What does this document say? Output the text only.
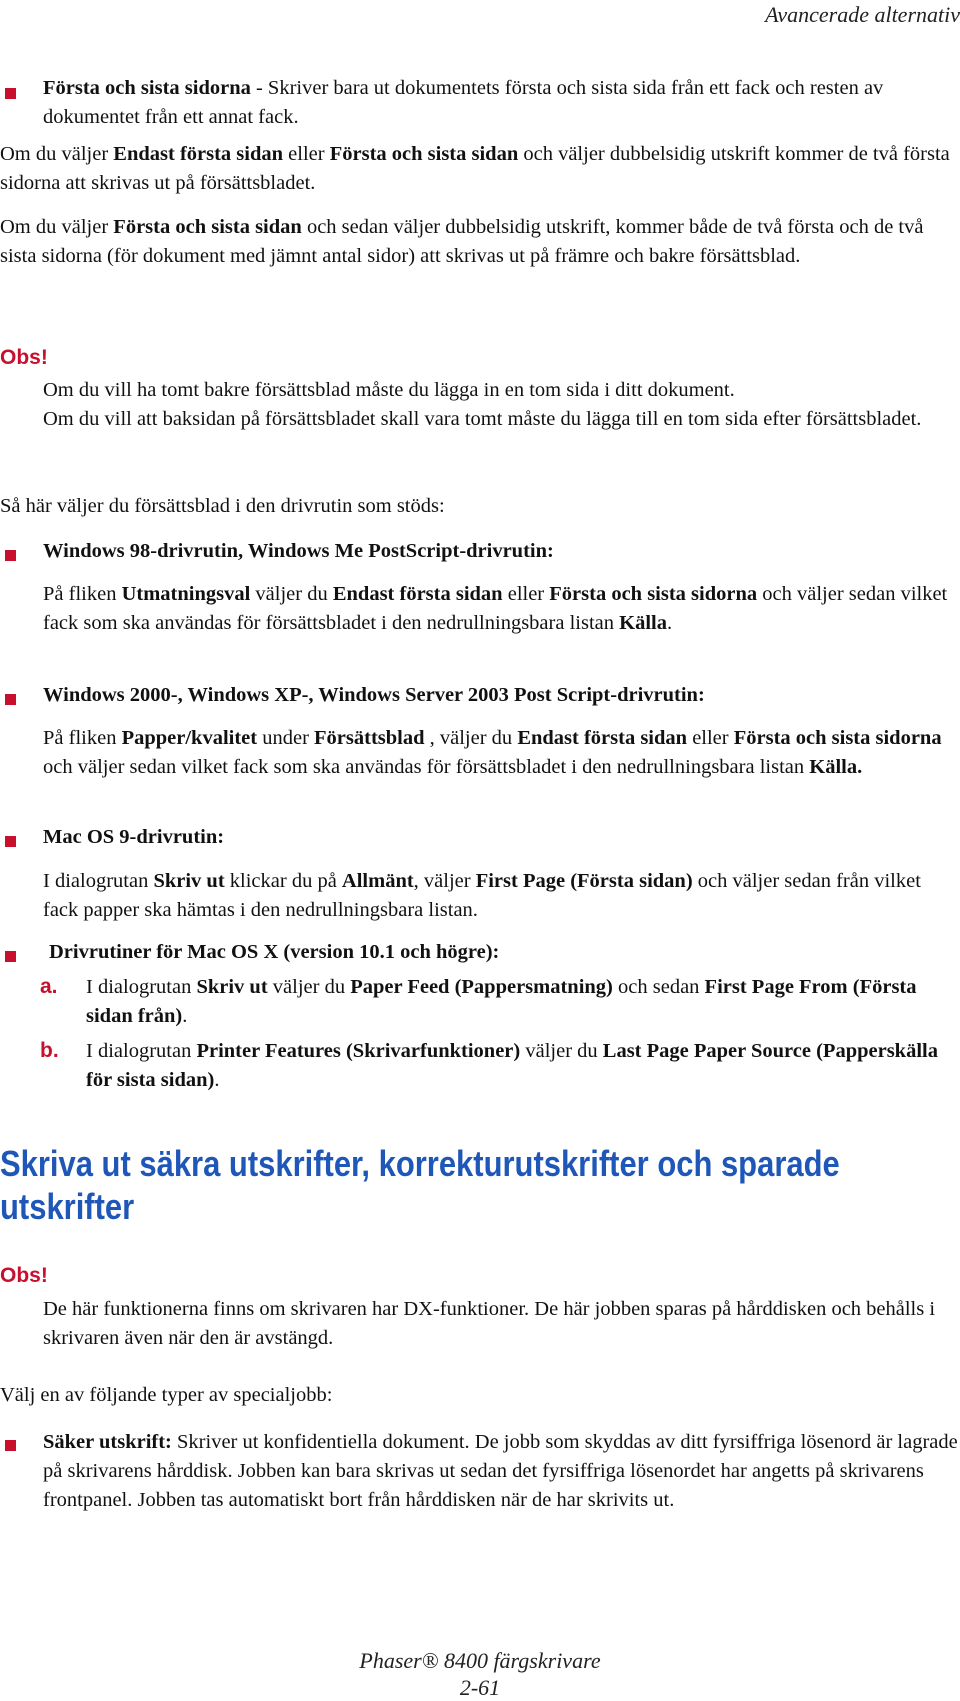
Avancerade alternativ
Första och sista sidorna - Skriver bara ut dokumentets första och sista sida från ett fack och resten av dokumentet från ett annat fack.
Om du väljer Endast första sidan eller Första och sista sidan och väljer dubbelsidig utskrift kommer de två första sidorna att skrivas ut på försättsbladet.
Om du väljer Första och sista sidan och sedan väljer dubbelsidig utskrift, kommer både de två första och de två sista sidorna (för dokument med jämnt antal sidor) att skrivas ut på främre och bakre försättsblad.
Obs!
Om du vill ha tomt bakre försättsblad måste du lägga in en tom sida i ditt dokument.
Om du vill att baksidan på försättsbladet skall vara tomt måste du lägga till en tom sida efter försättsbladet.
Så här väljer du försättsblad i den drivrutin som stöds:
Windows 98-drivrutin, Windows Me PostScript-drivrutin:
På fliken Utmatningsval väljer du Endast första sidan eller Första och sista sidorna och väljer sedan vilket fack som ska användas för försättsbladet i den nedrullningsbara listan Källa.
Windows 2000-, Windows XP-, Windows Server 2003 Post Script-drivrutin:
På fliken Papper/kvalitet under Försättsblad , väljer du Endast första sidan eller Första och sista sidorna och väljer sedan vilket fack som ska användas för försättsbladet i den nedrullningsbara listan Källa.
Mac OS 9-drivrutin:
I dialogrutan Skriv ut klickar du på Allmänt, väljer First Page (Första sidan) och väljer sedan från vilket fack papper ska hämtas i den nedrullningsbara listan.
Drivrutiner för Mac OS X (version 10.1 och högre):
a. I dialogrutan Skriv ut väljer du Paper Feed (Pappersmatning) och sedan First Page From (Första sidan från).
b. I dialogrutan Printer Features (Skrivarfunktioner) väljer du Last Page Paper Source (Papperskälla för sista sidan).
Skriva ut säkra utskrifter, korrekturutskrifter och sparade utskrifter
Obs!
De här funktionerna finns om skrivaren har DX-funktioner. De här jobben sparas på hårddisken och behålls i skrivaren även när den är avstängd.
Välj en av följande typer av specialjobb:
Säker utskrift: Skriver ut konfidentiella dokument. De jobb som skyddas av ditt fyrsiffriga lösenord är lagrade på skrivarens hårddisk. Jobben kan bara skrivas ut sedan det fyrsiffriga lösenordet har angetts på skrivarens frontpanel. Jobben tas automatiskt bort från hårddisken när de har skrivits ut.
Phaser® 8400 färgskrivare
2-61
